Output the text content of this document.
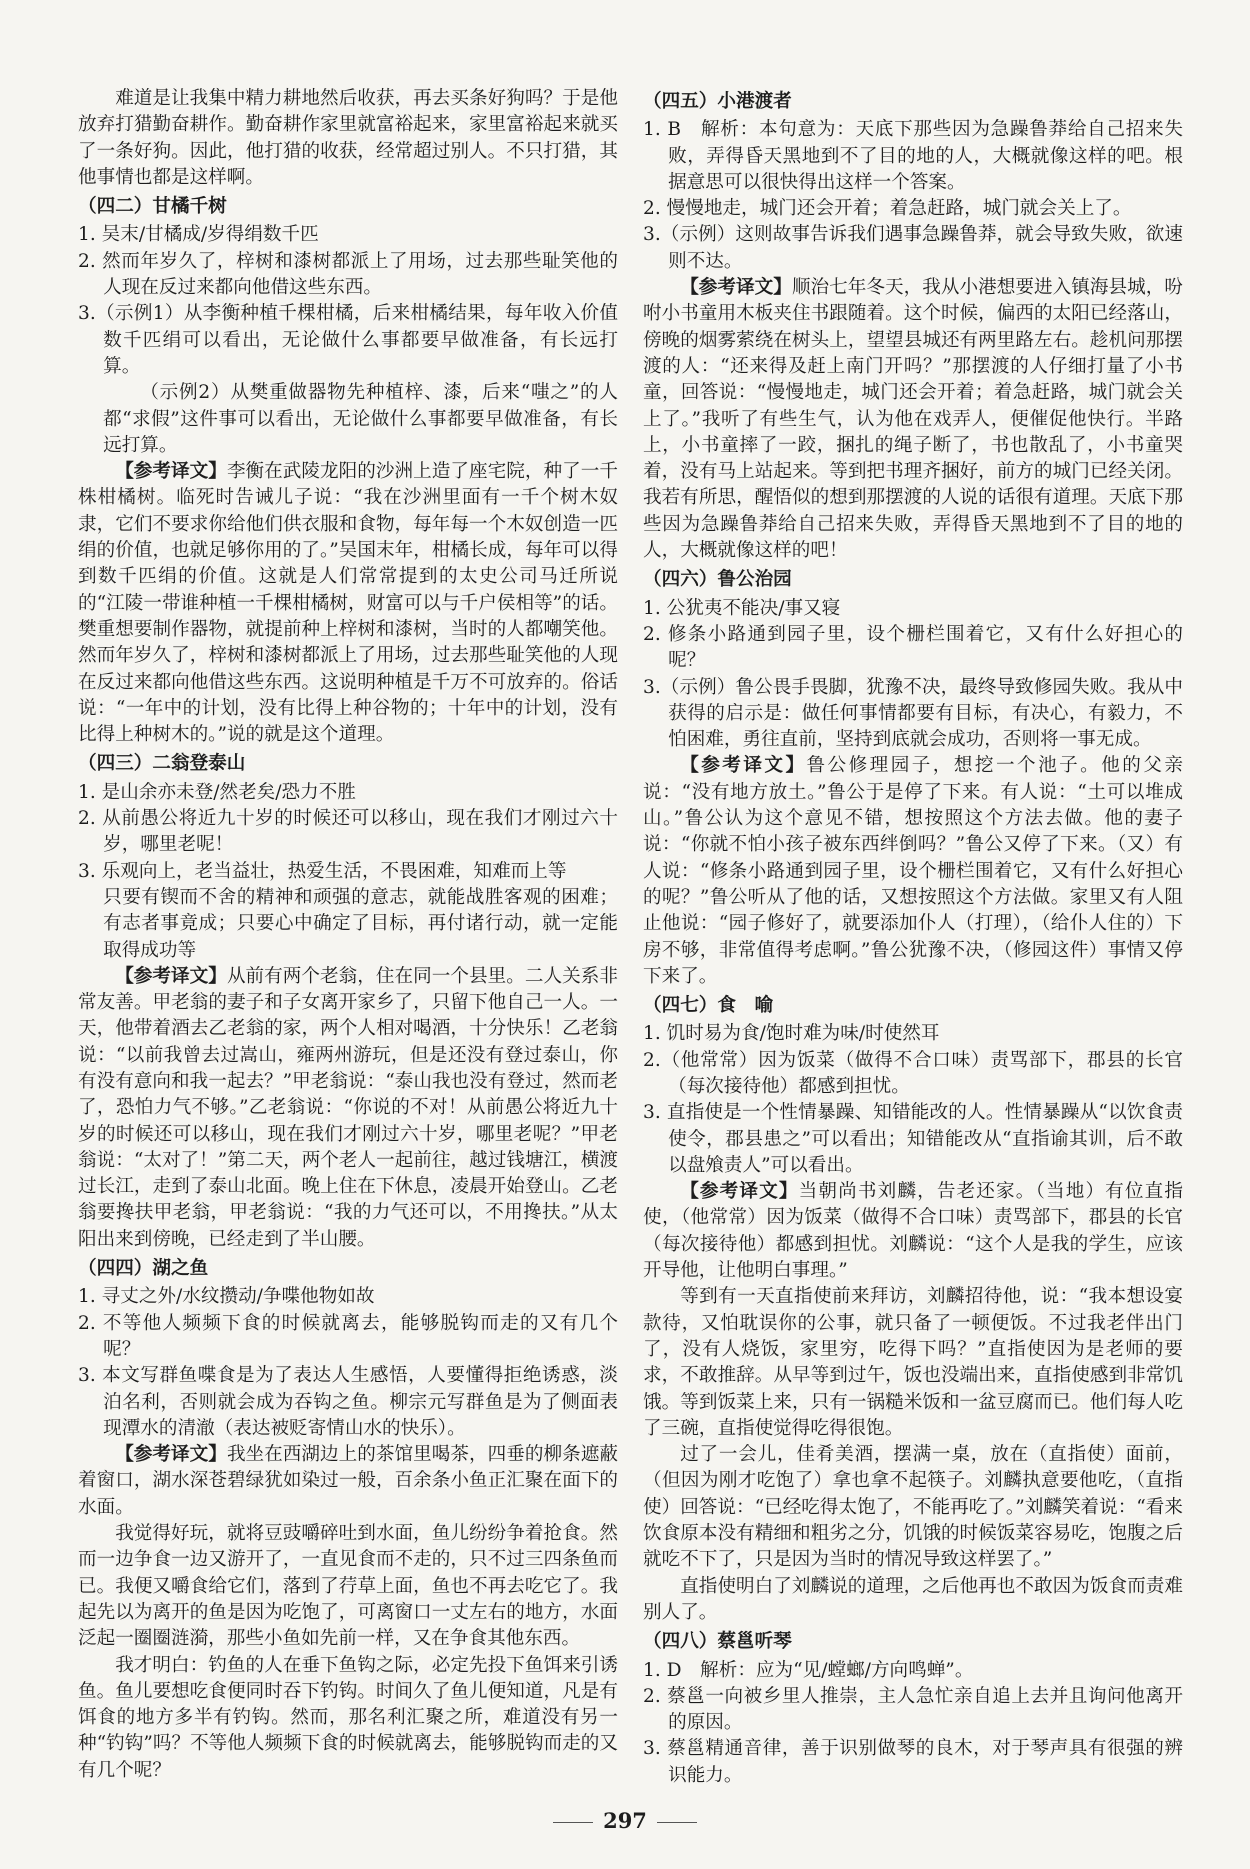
难道是让我集中精力耕地然后收获，再去买条好狗吗？于是他放弃打猎勤奋耕作。勤奋耕作家里就富裕起来，家里富裕起来就买了一条好狗。因此，他打猎的收获，经常超过别人。不只打猎，其他事情也都是这样啊。

（四二）甘橘千树

1. 吴末/甘橘成/岁得绢数千匹

2. 然而年岁久了，梓树和漆树都派上了用场，过去那些耻笑他的人现在反过来都向他借这些东西。

3.（示例1）从李衡种植千棵柑橘，后来柑橘结果，每年收入价值数千匹绢可以看出，无论做什么事都要早做准备，有长远打算。

（示例2）从樊重做器物先种植梓、漆，后来“嗤之”的人都“求假”这件事可以看出，无论做什么事都要早做准备，有长远打算。

【参考译文】李衡在武陵龙阳的沙洲上造了座宅院，种了一千株柑橘树。临死时告诫儿子说：“我在沙洲里面有一千个树木奴隶，它们不要求你给他们供衣服和食物，每年每一个木奴创造一匹绢的价值，也就足够你用的了。”吴国末年，柑橘长成，每年可以得到数千匹绢的价值。这就是人们常常提到的太史公司马迁所说的“江陵一带谁种植一千棵柑橘树，财富可以与千户侯相等”的话。樊重想要制作器物，就提前种上梓树和漆树，当时的人都嘲笑他。然而年岁久了，梓树和漆树都派上了用场，过去那些耻笑他的人现在反过来都向他借这些东西。这说明种植是千万不可放弃的。俗话说：“一年中的计划，没有比得上种谷物的；十年中的计划，没有比得上种树木的。”说的就是这个道理。

（四三）二翁登泰山

1. 是山余亦未登/然老矣/恐力不胜

2. 从前愚公将近九十岁的时候还可以移山，现在我们才刚过六十岁，哪里老呢！

3. 乐观向上，老当益壮，热爱生活，不畏困难，知难而上等

只要有锲而不舍的精神和顽强的意志，就能战胜客观的困难；有志者事竟成；只要心中确定了目标，再付诸行动，就一定能取得成功等

【参考译文】从前有两个老翁，住在同一个县里。二人关系非常友善。甲老翁的妻子和子女离开家乡了，只留下他自己一人。一天，他带着酒去乙老翁的家，两个人相对喝酒，十分快乐！乙老翁说：“以前我曾去过嵩山，雍两州游玩，但是还没有登过泰山，你有没有意向和我一起去？”甲老翁说：“泰山我也没有登过，然而老了，恐怕力气不够。”乙老翁说：“你说的不对！从前愚公将近九十岁的时候还可以移山，现在我们才刚过六十岁，哪里老呢？”甲老翁说：“太对了！”第二天，两个老人一起前往，越过钱塘江，横渡过长江，走到了泰山北面。晚上住在下休息，凌晨开始登山。乙老翁要搀扶甲老翁，甲老翁说：“我的力气还可以，不用搀扶。”从太阳出来到傍晚，已经走到了半山腰。

（四四）湖之鱼

1. 寻丈之外/水纹攒动/争喋他物如故

2. 不等他人频频下食的时候就离去，能够脱钩而走的又有几个呢？

3. 本文写群鱼喋食是为了表达人生感悟，人要懂得拒绝诱惑，淡泊名利，否则就会成为吞钩之鱼。柳宗元写群鱼是为了侧面表现潭水的清澈（表达被贬寄情山水的快乐）。

【参考译文】我坐在西湖边上的茶馆里喝茶，四垂的柳条遮蔽着窗口，湖水深苍碧绿犹如染过一般，百余条小鱼正汇聚在面下的水面。

我觉得好玩，就将豆豉嚼碎吐到水面，鱼儿纷纷争着抢食。然而一边争食一边又游开了，一直见食而不走的，只不过三四条鱼而已。我便又嚼食给它们，落到了荇草上面，鱼也不再去吃它了。我起先以为离开的鱼是因为吃饱了，可离窗口一丈左右的地方，水面泛起一圈圈涟漪，那些小鱼如先前一样，又在争食其他东西。

我才明白：钓鱼的人在垂下鱼钩之际，必定先投下鱼饵来引诱鱼。鱼儿要想吃食便同时吞下钓钩。时间久了鱼儿便知道，凡是有饵食的地方多半有钓钩。然而，那名利汇聚之所，难道没有另一种“钓钩”吗？不等他人频频下食的时候就离去，能够脱钩而走的又有几个呢？

（四五）小港渡者

1. B　解析：本句意为：天底下那些因为急躁鲁莽给自己招来失败，弄得昏天黑地到不了目的地的人，大概就像这样的吧。根据意思可以很快得出这样一个答案。

2. 慢慢地走，城门还会开着；着急赶路，城门就会关上了。

3.（示例）这则故事告诉我们遇事急躁鲁莽，就会导致失败，欲速则不达。

【参考译文】顺治七年冬天，我从小港想要进入镇海县城，吩咐小书童用木板夹住书跟随着。这个时候，偏西的太阳已经落山，傍晚的烟雾萦绕在树头上，望望县城还有两里路左右。趁机问那摆渡的人：“还来得及赶上南门开吗？”那摆渡的人仔细打量了小书童，回答说：“慢慢地走，城门还会开着；着急赶路，城门就会关上了。”我听了有些生气，认为他在戏弄人，便催促他快行。半路上，小书童摔了一跤，捆扎的绳子断了，书也散乱了，小书童哭着，没有马上站起来。等到把书理齐捆好，前方的城门已经关闭。我若有所思，醒悟似的想到那摆渡的人说的话很有道理。天底下那些因为急躁鲁莽给自己招来失败，弄得昏天黑地到不了目的地的人，大概就像这样的吧！

（四六）鲁公治园

1. 公犹夷不能决/事又寝

2. 修条小路通到园子里，设个栅栏围着它，又有什么好担心的呢？

3.（示例）鲁公畏手畏脚，犹豫不决，最终导致修园失败。我从中获得的启示是：做任何事情都要有目标，有决心，有毅力，不怕困难，勇往直前，坚持到底就会成功，否则将一事无成。

【参考译文】鲁公修理园子，想挖一个池子。他的父亲说：“没有地方放土。”鲁公于是停了下来。有人说：“土可以堆成山。”鲁公认为这个意见不错，想按照这个方法去做。他的妻子说：“你就不怕小孩子被东西绊倒吗？”鲁公又停了下来。（又）有人说：“修条小路通到园子里，设个栅栏围着它，又有什么好担心的呢？”鲁公听从了他的话，又想按照这个方法做。家里又有人阻止他说：“园子修好了，就要添加仆人（打理），（给仆人住的）下房不够，非常值得考虑啊。”鲁公犹豫不决，（修园这件）事情又停下来了。

（四七）食　喻

1. 饥时易为食/饱时难为味/时使然耳

2.（他常常）因为饭菜（做得不合口味）责骂部下，郡县的长官（每次接待他）都感到担忧。

3. 直指使是一个性情暴躁、知错能改的人。性情暴躁从“以饮食责使令，郡县患之”可以看出；知错能改从“直指谕其训，后不敢以盘飧责人”可以看出。

【参考译文】当朝尚书刘麟，告老还家。（当地）有位直指使，（他常常）因为饭菜（做得不合口味）责骂部下，郡县的长官（每次接待他）都感到担忧。刘麟说：“这个人是我的学生，应该开导他，让他明白事理。”

等到有一天直指使前来拜访，刘麟招待他，说：“我本想设宴款待，又怕耽误你的公事，就只备了一顿便饭。不过我老伴出门了，没有人烧饭，家里穷，吃得下吗？”直指使因为是老师的要求，不敢推辞。从早等到过午，饭也没端出来，直指使感到非常饥饿。等到饭菜上来，只有一锅糙米饭和一盆豆腐而已。他们每人吃了三碗，直指使觉得吃得很饱。

过了一会儿，佳肴美酒，摆满一桌，放在（直指使）面前，（但因为刚才吃饱了）拿也拿不起筷子。刘麟执意要他吃，（直指使）回答说：“已经吃得太饱了，不能再吃了。”刘麟笑着说：“看来饮食原本没有精细和粗劣之分，饥饿的时候饭菜容易吃，饱腹之后就吃不下了，只是因为当时的情况导致这样罢了。”

直指使明白了刘麟说的道理，之后他再也不敢因为饭食而责难别人了。

（四八）蔡邕听琴

1. D　解析：应为“见/螳螂/方向鸣蝉”。

2. 蔡邕一向被乡里人推崇，主人急忙亲自追上去并且询问他离开的原因。

3. 蔡邕精通音律，善于识别做琴的良木，对于琴声具有很强的辨识能力。

297
